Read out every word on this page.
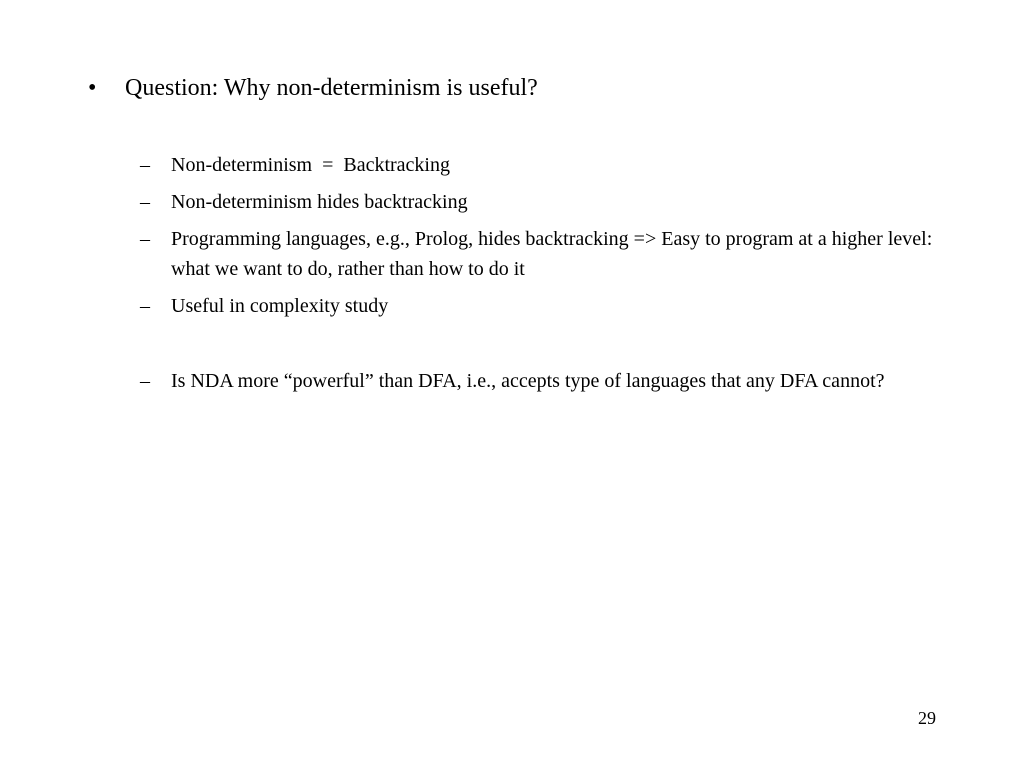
•	Question: Why non-determinism is useful?
–	Non-determinism  =  Backtracking
–	Non-determinism hides backtracking
–	Programming languages, e.g., Prolog, hides backtracking => Easy to program at a higher level: what we want to do, rather than how to do it
–	Useful in complexity study
–	Is NDA more “powerful” than DFA, i.e., accepts type of languages that any DFA cannot?
29
